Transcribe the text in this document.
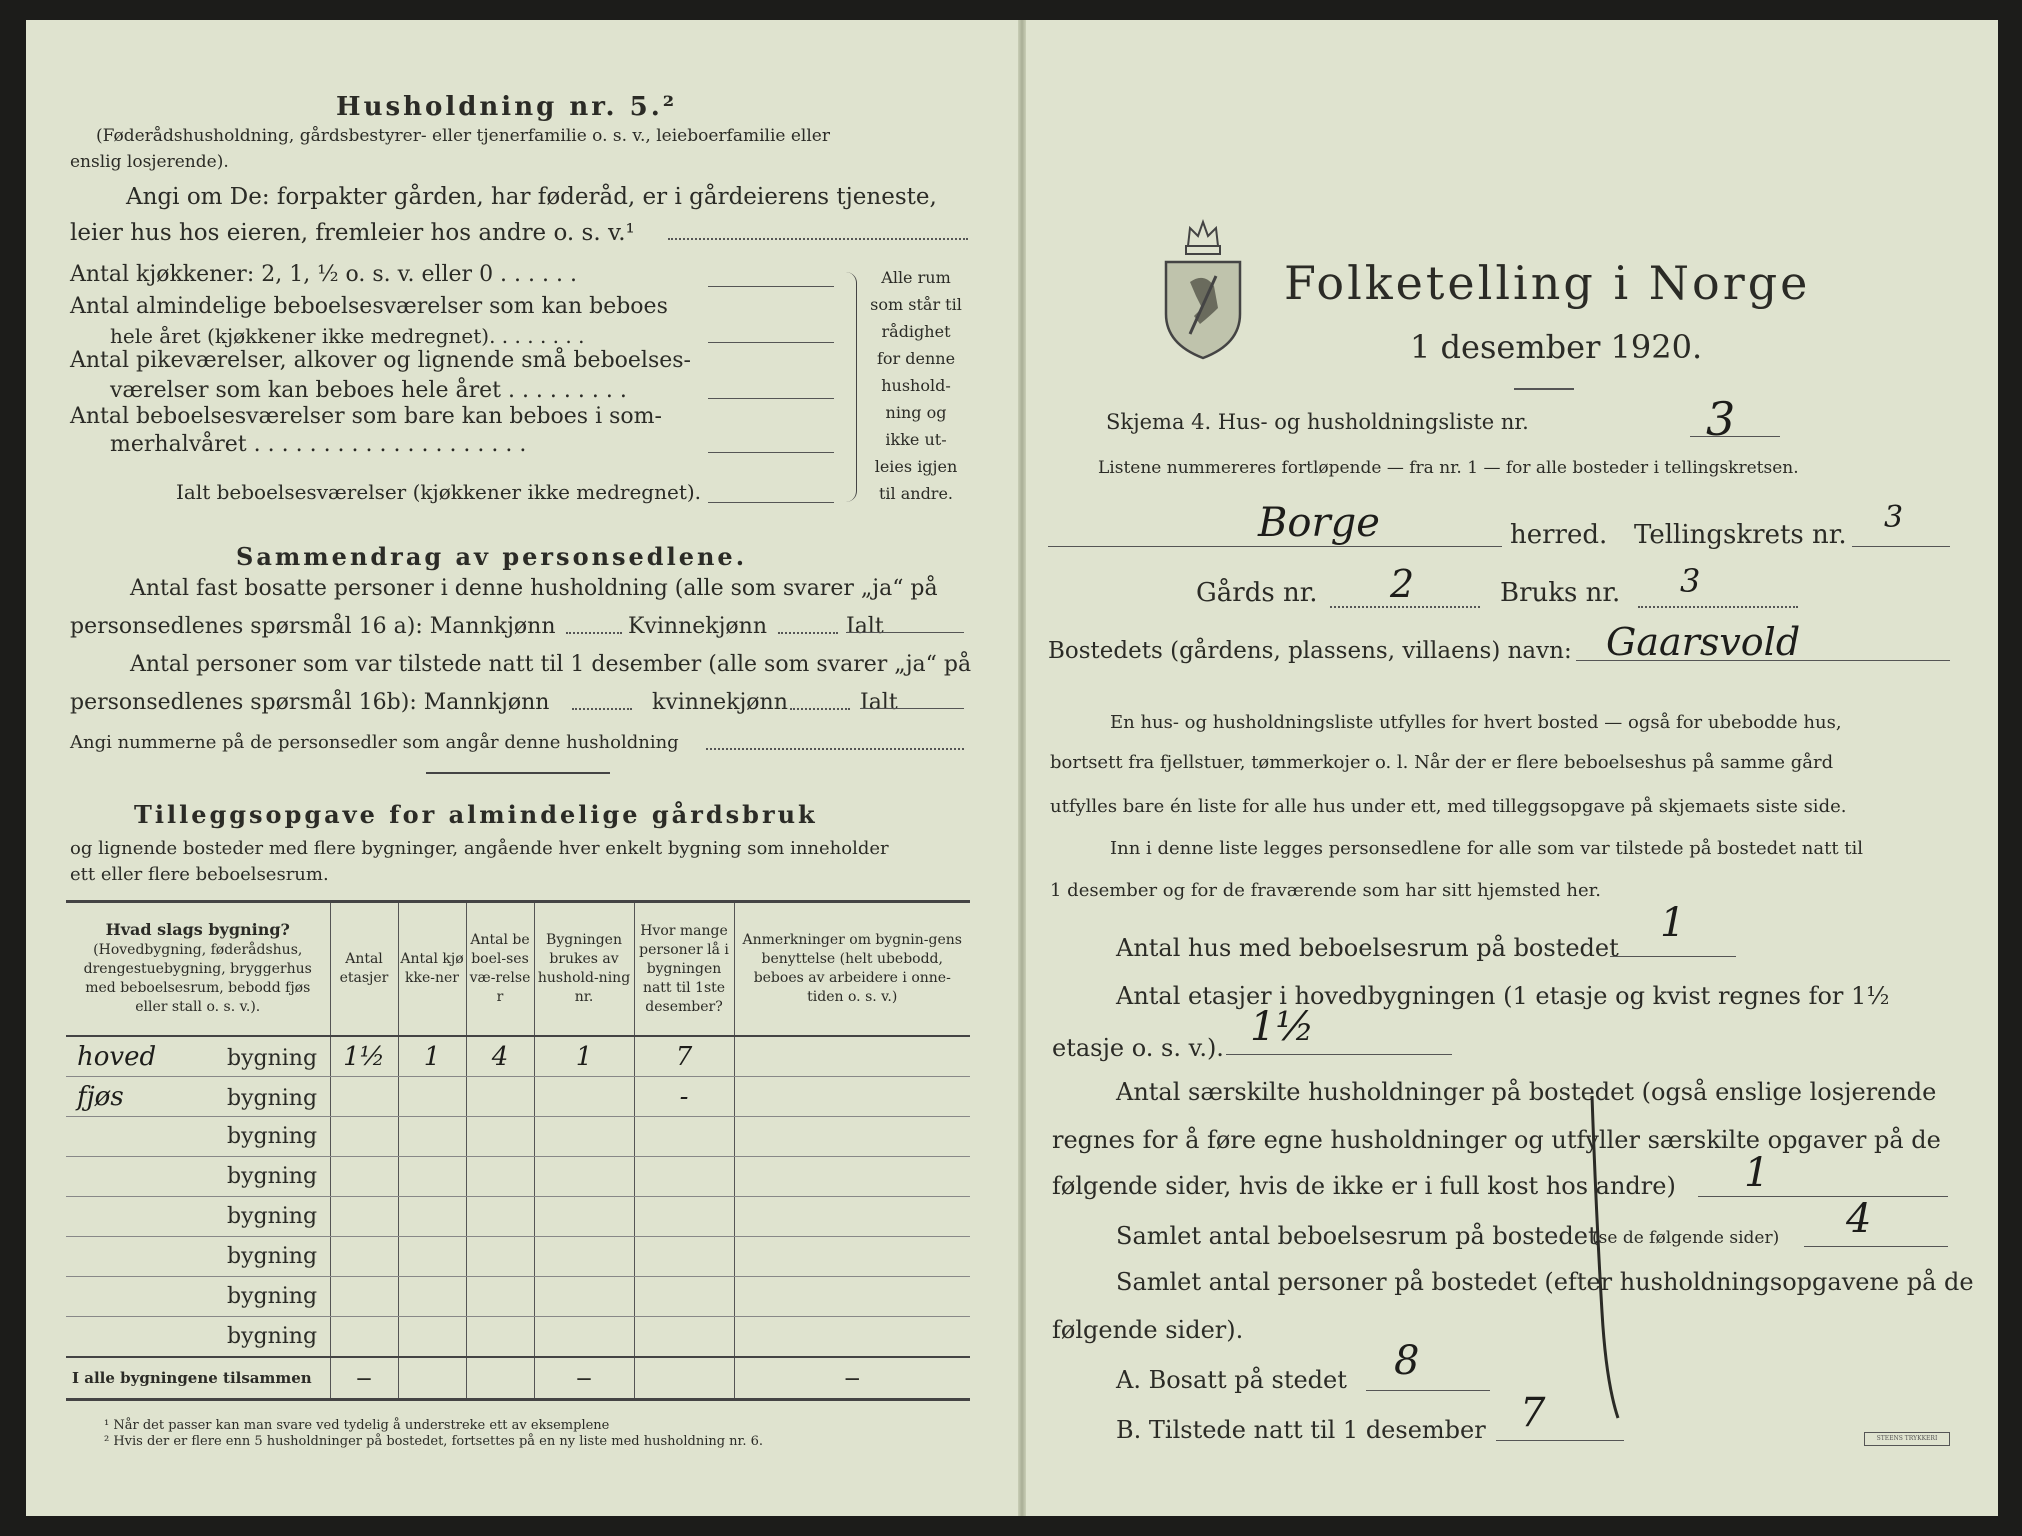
Husholdning nr. 5.²
(Føderådshusholdning, gårdsbestyrer- eller tjenerfamilie o. s. v., leieboerfamilie eller
enslig losjerende).
Angi om De: forpakter gården, har føderåd, er i gårdeierens tjeneste,
leier hus hos eieren, fremleier hos andre o. s. v.¹
Antal kjøkkener: 2, 1, ½ o. s. v. eller 0 . . . . . .
Antal almindelige beboelsesværelser som kan beboes
hele året (kjøkkener ikke medregnet). . . . . . . .
Antal pikeværelser, alkover og lignende små beboelses-
værelser som kan beboes hele året . . . . . . . . .
Antal beboelsesværelser som bare kan beboes i som-
merhalvåret . . . . . . . . . . . . . . . . . . . .
Alle rum
som står til
rådighet
for denne
hushold-
ning og
ikke ut-
leies igjen
til andre.
Ialt beboelsesværelser (kjøkkener ikke medregnet).
Sammendrag av personsedlene.
Antal fast bosatte personer i denne husholdning (alle som svarer „ja“ på
personsedlenes spørsmål 16 a): Mannkjønn	Kvinnekjønn	Ialt
Antal personer som var tilstede natt til 1 desember (alle som svarer „ja“ på
personsedlenes spørsmål 16b): Mannkjønn	kvinnekjønn	Ialt
Angi nummerne på de personsedler som angår denne husholdning
Tilleggsopgave for almindelige gårdsbruk
og lignende bosteder med flere bygninger, angående hver enkelt bygning som inneholder
ett eller flere beboelsesrum.
Hvad slags bygning?
(Hovedbygning, føderådshus, drengestuebygning, bryggerhus med beboelsesrum, bebodd fjøs eller stall o. s. v.).	Antal etasjer	Antal kjøkke-ner	Antal beboel-sesvæ-relser	Bygningen brukes av hushold-ning nr.	Hvor mange personer lå i bygningen natt til 1ste desember?	Anmerkninger om bygnin-gens benyttelse (helt ubebodd, beboes av arbeidere i onne-tiden o. s. v.)
hoved bygning	1½	1	4	1	7	
fjøs bygning					-	
bygning						
bygning						
bygning						
bygning						
bygning						
bygning						
I alle bygningene tilsammen	—			—		—
¹ Når det passer kan man svare ved tydelig å understreke ett av eksemplene
² Hvis der er flere enn 5 husholdninger på bostedet, fortsettes på en ny liste med husholdning nr. 6.
Folketelling i Norge
1 desember 1920.
Skjema 4. Hus- og husholdningsliste nr.	3
Listene nummereres fortløpende — fra nr. 1 — for alle bosteder i tellingskretsen.
Borge	herred. Tellingskrets nr. 3
Gårds nr. 2	Bruks nr. 3
Bostedets (gårdens, plassens, villaens) navn: Gaarsvold
En hus- og husholdningsliste utfylles for hvert bosted — også for ubebodde hus,
bortsett fra fjellstuer, tømmerkojer o. l. Når der er flere beboelseshus på samme gård
utfylles bare én liste for alle hus under ett, med tilleggsopgave på skjemaets siste side.
Inn i denne liste legges personsedlene for alle som var tilstede på bostedet natt til
1 desember og for de fraværende som har sitt hjemsted her.
Antal hus med beboelsesrum på bostedet
1
Antal etasjer i hovedbygningen (1 etasje og kvist regnes for 1½
etasje o. s. v.). 1½
Antal særskilte husholdninger på bostedet (også enslige losjerende
regnes for å føre egne husholdninger og utfyller særskilte opgaver på de
følgende sider, hvis de ikke er i full kost hos andre) 1
Samlet antal beboelsesrum på bostedet
(se de følgende sider) 4
Samlet antal personer på bostedet (efter husholdningsopgavene på de
følgende sider).
A. Bosatt på stedet 8
B. Tilstede natt til 1 desember 7
STEENS TRYKKERI
